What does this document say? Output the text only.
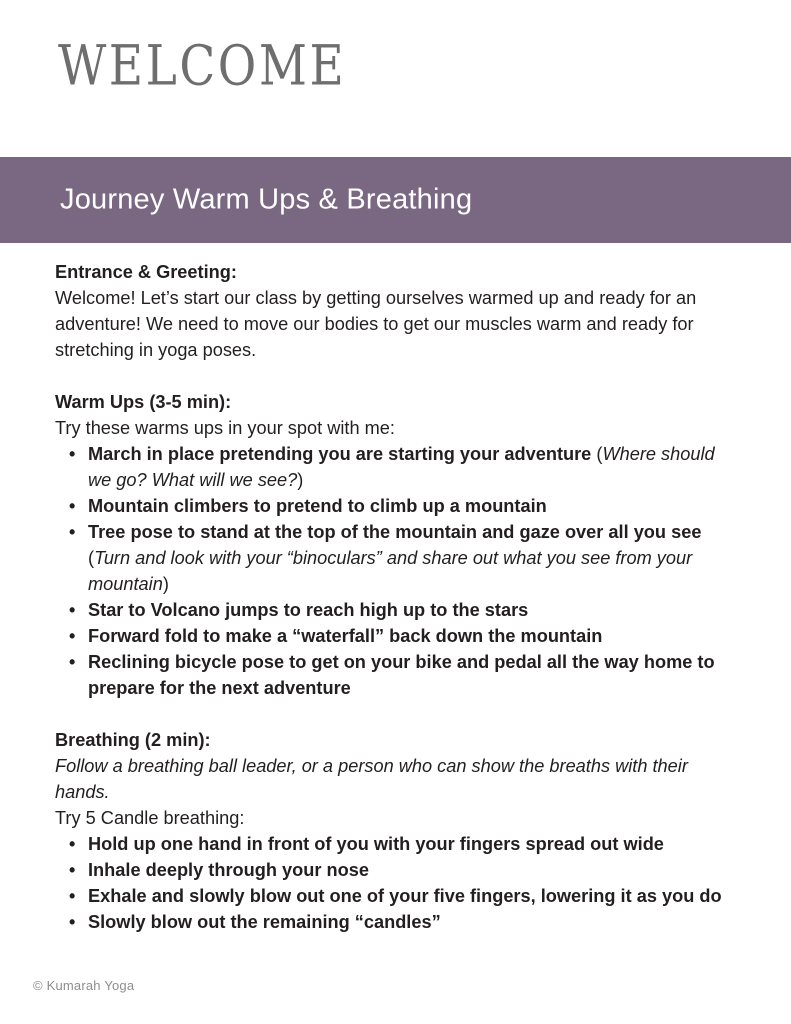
WELCOME
Journey Warm Ups & Breathing

Entrance & Greeting:

Welcome! Let’s start our class by getting ourselves warmed up and ready for an adventure! We need to move our bodies to get our muscles warm and ready for stretching in yoga poses.

Warm Ups (3-5 min):

Try these warms ups in your spot with me:

• March in place pretending you are starting your adventure (Where should we go? What will we see?)
• Mountain climbers to pretend to climb up a mountain
• Tree pose to stand at the top of the mountain and gaze over all you see (Turn and look with your “binoculars” and share out what you see from your mountain)
• Star to Volcano jumps to reach high up to the stars
• Forward fold to make a “waterfall” back down the mountain
• Reclining bicycle pose to get on your bike and pedal all the way home to prepare for the next adventure

Breathing (2 min):

Follow a breathing ball leader, or a person who can show the breaths with their hands.

Try 5 Candle breathing:

• Hold up one hand in front of you with your fingers spread out wide
• Inhale deeply through your nose
• Exhale and slowly blow out one of your five fingers, lowering it as you do
• Slowly blow out the remaining “candles”
© Kumarah Yoga
